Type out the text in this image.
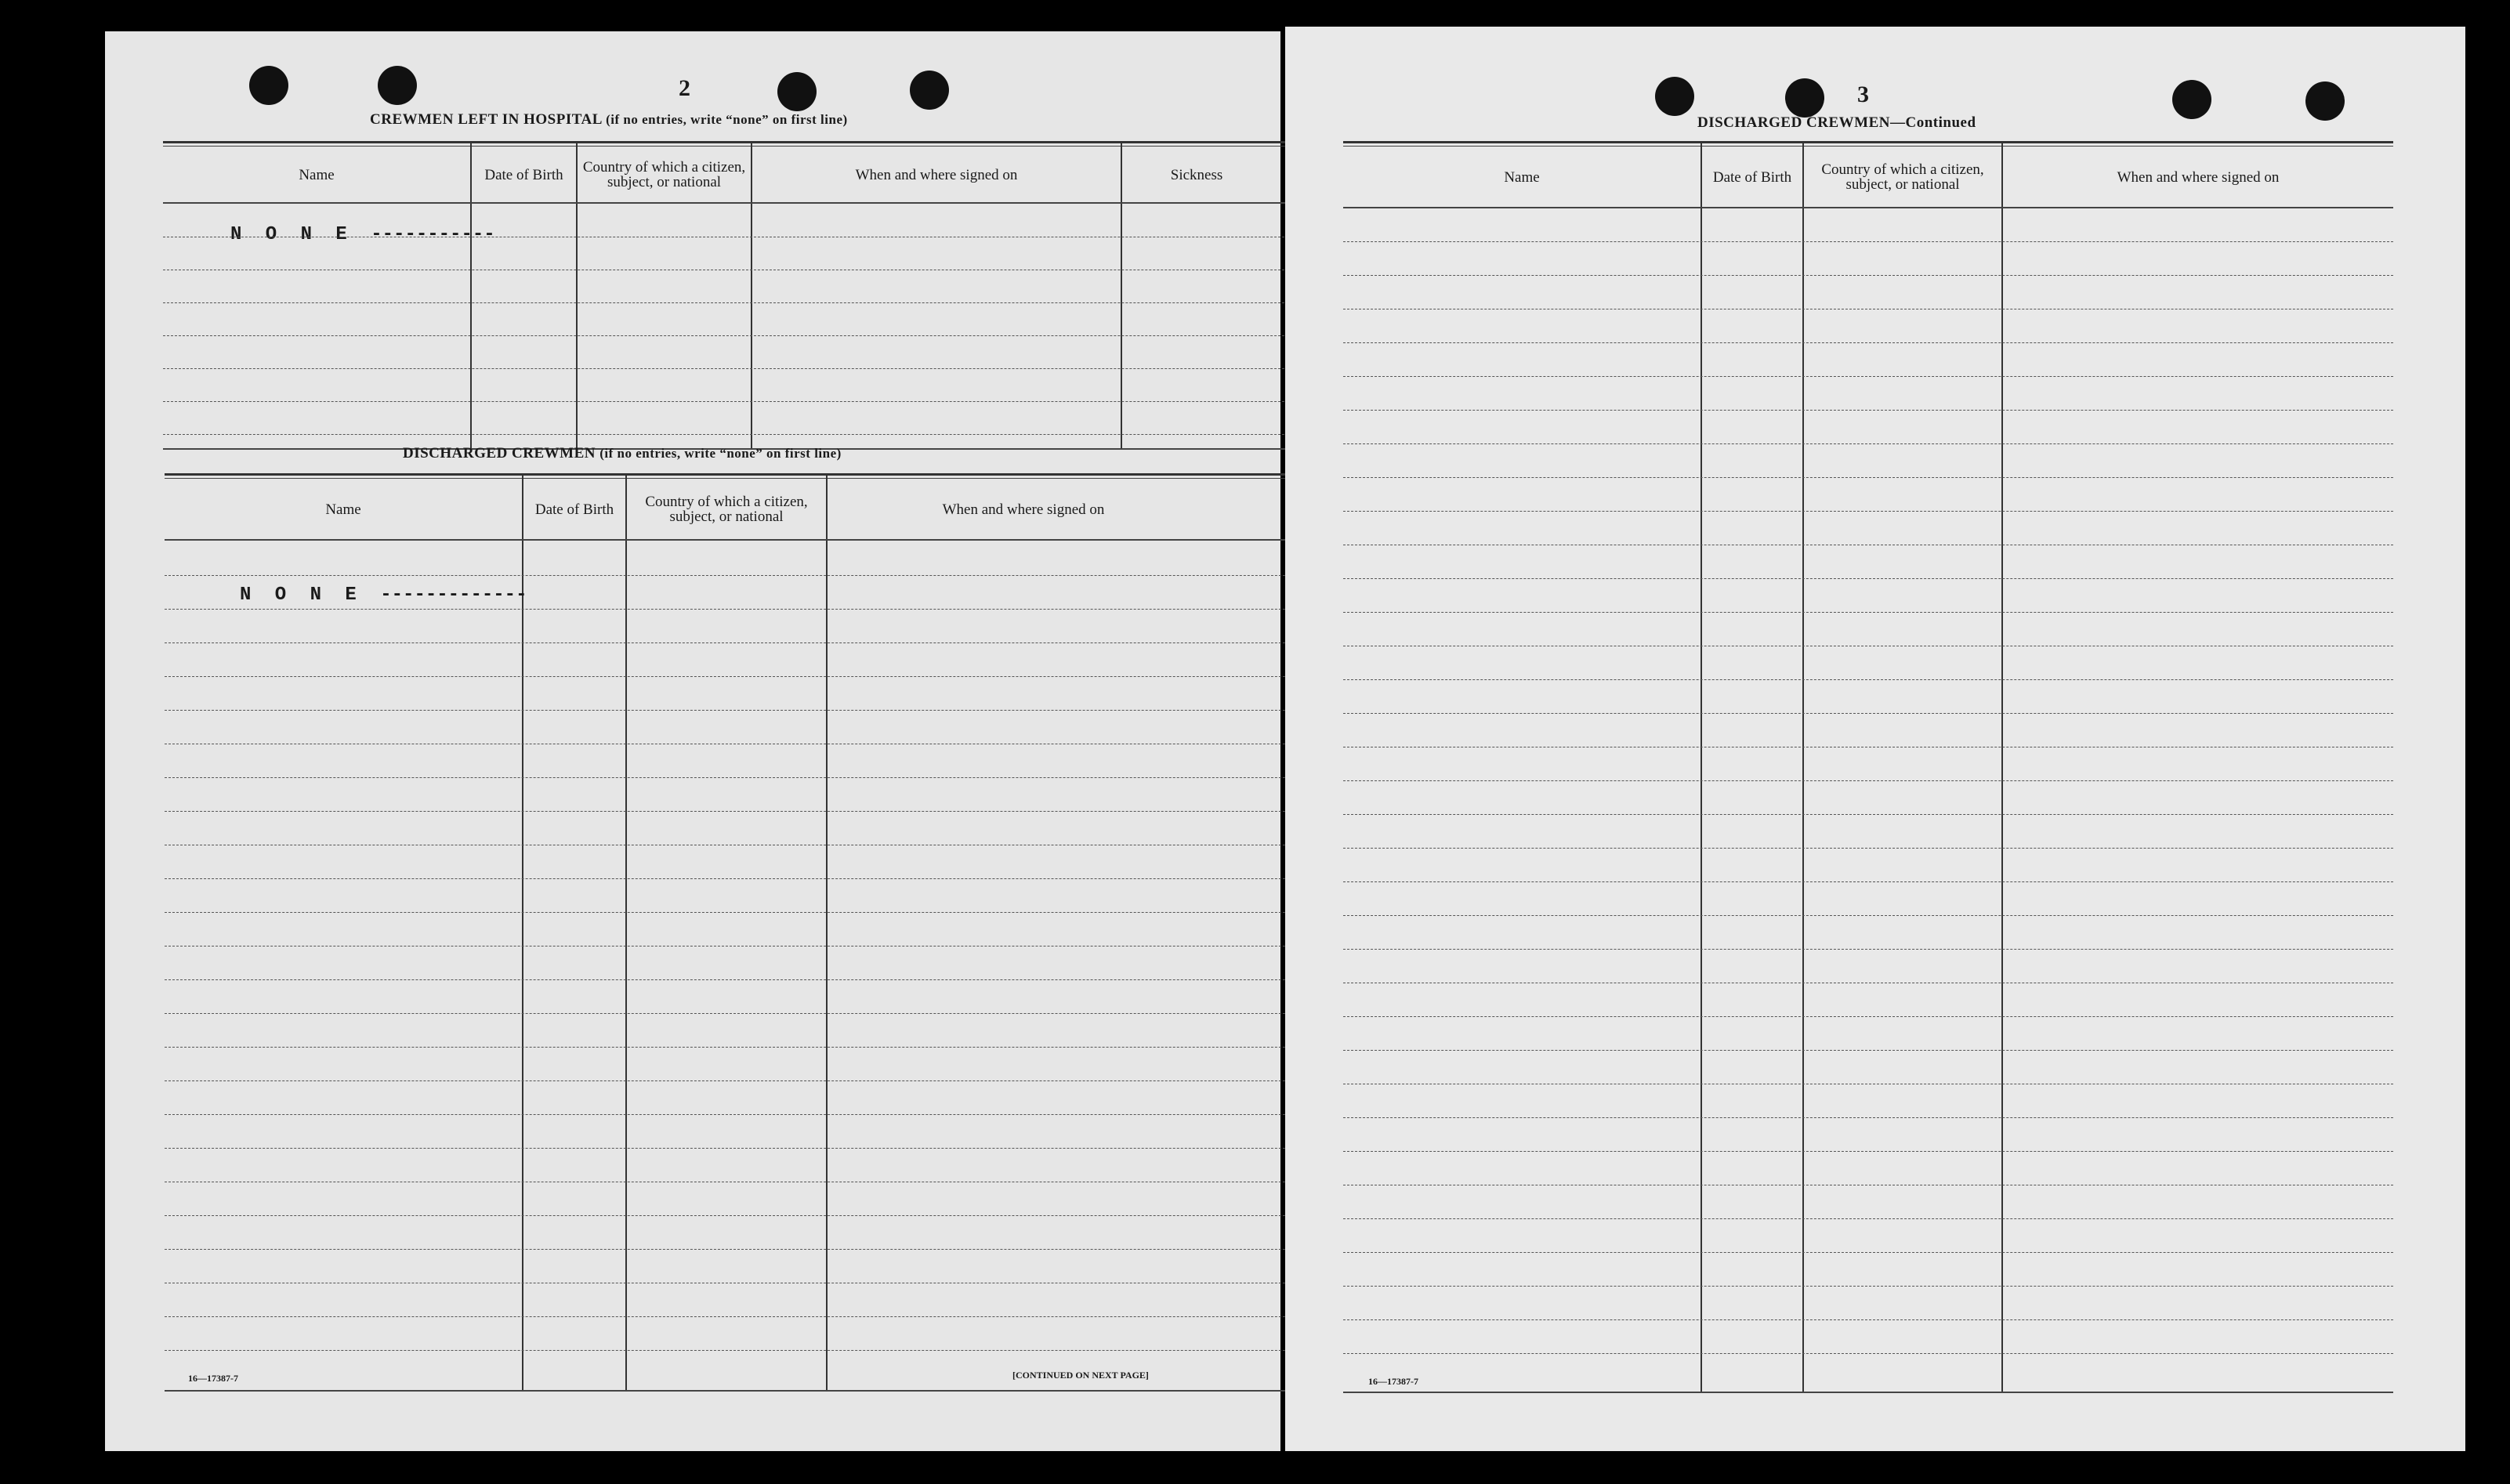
2
CREWMEN LEFT IN HOSPITAL (if no entries, write “none” on first line)
Name	Date of Birth	Country of which a citizen, subject, or national	When and where signed on	Sickness
N O N E -----------
DISCHARGED CREWMEN (if no entries, write “none” on first line)
Name	Date of Birth	Country of which a citizen, subject, or national	When and where signed on
N O N E -------------
16—17387-7	[CONTINUED ON NEXT PAGE]
3
DISCHARGED CREWMEN—Continued
Name	Date of Birth	Country of which a citizen, subject, or national	When and where signed on
16—17387-7
